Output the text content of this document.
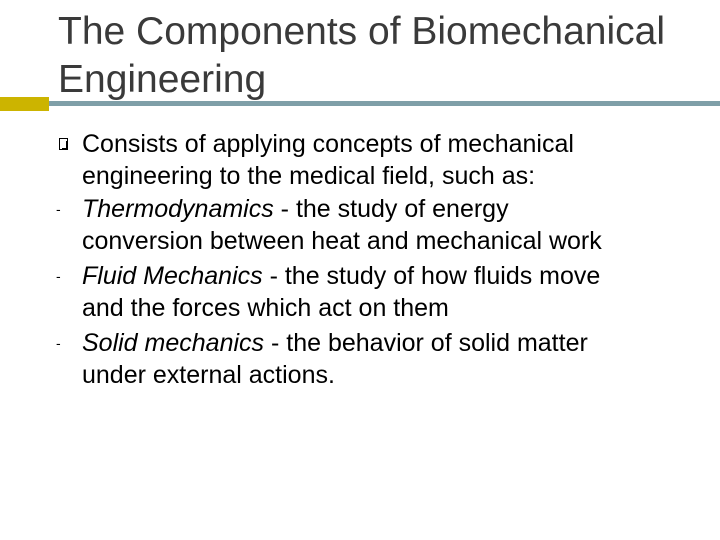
The Components of Biomechanical Engineering
Consists of applying concepts of mechanical
engineering to the medical field, such as:
- Thermodynamics - the study of energy
conversion between heat and mechanical work
- Fluid Mechanics - the study of how fluids move
and the forces which act on them
- Solid mechanics - the behavior of solid matter
under external actions.
